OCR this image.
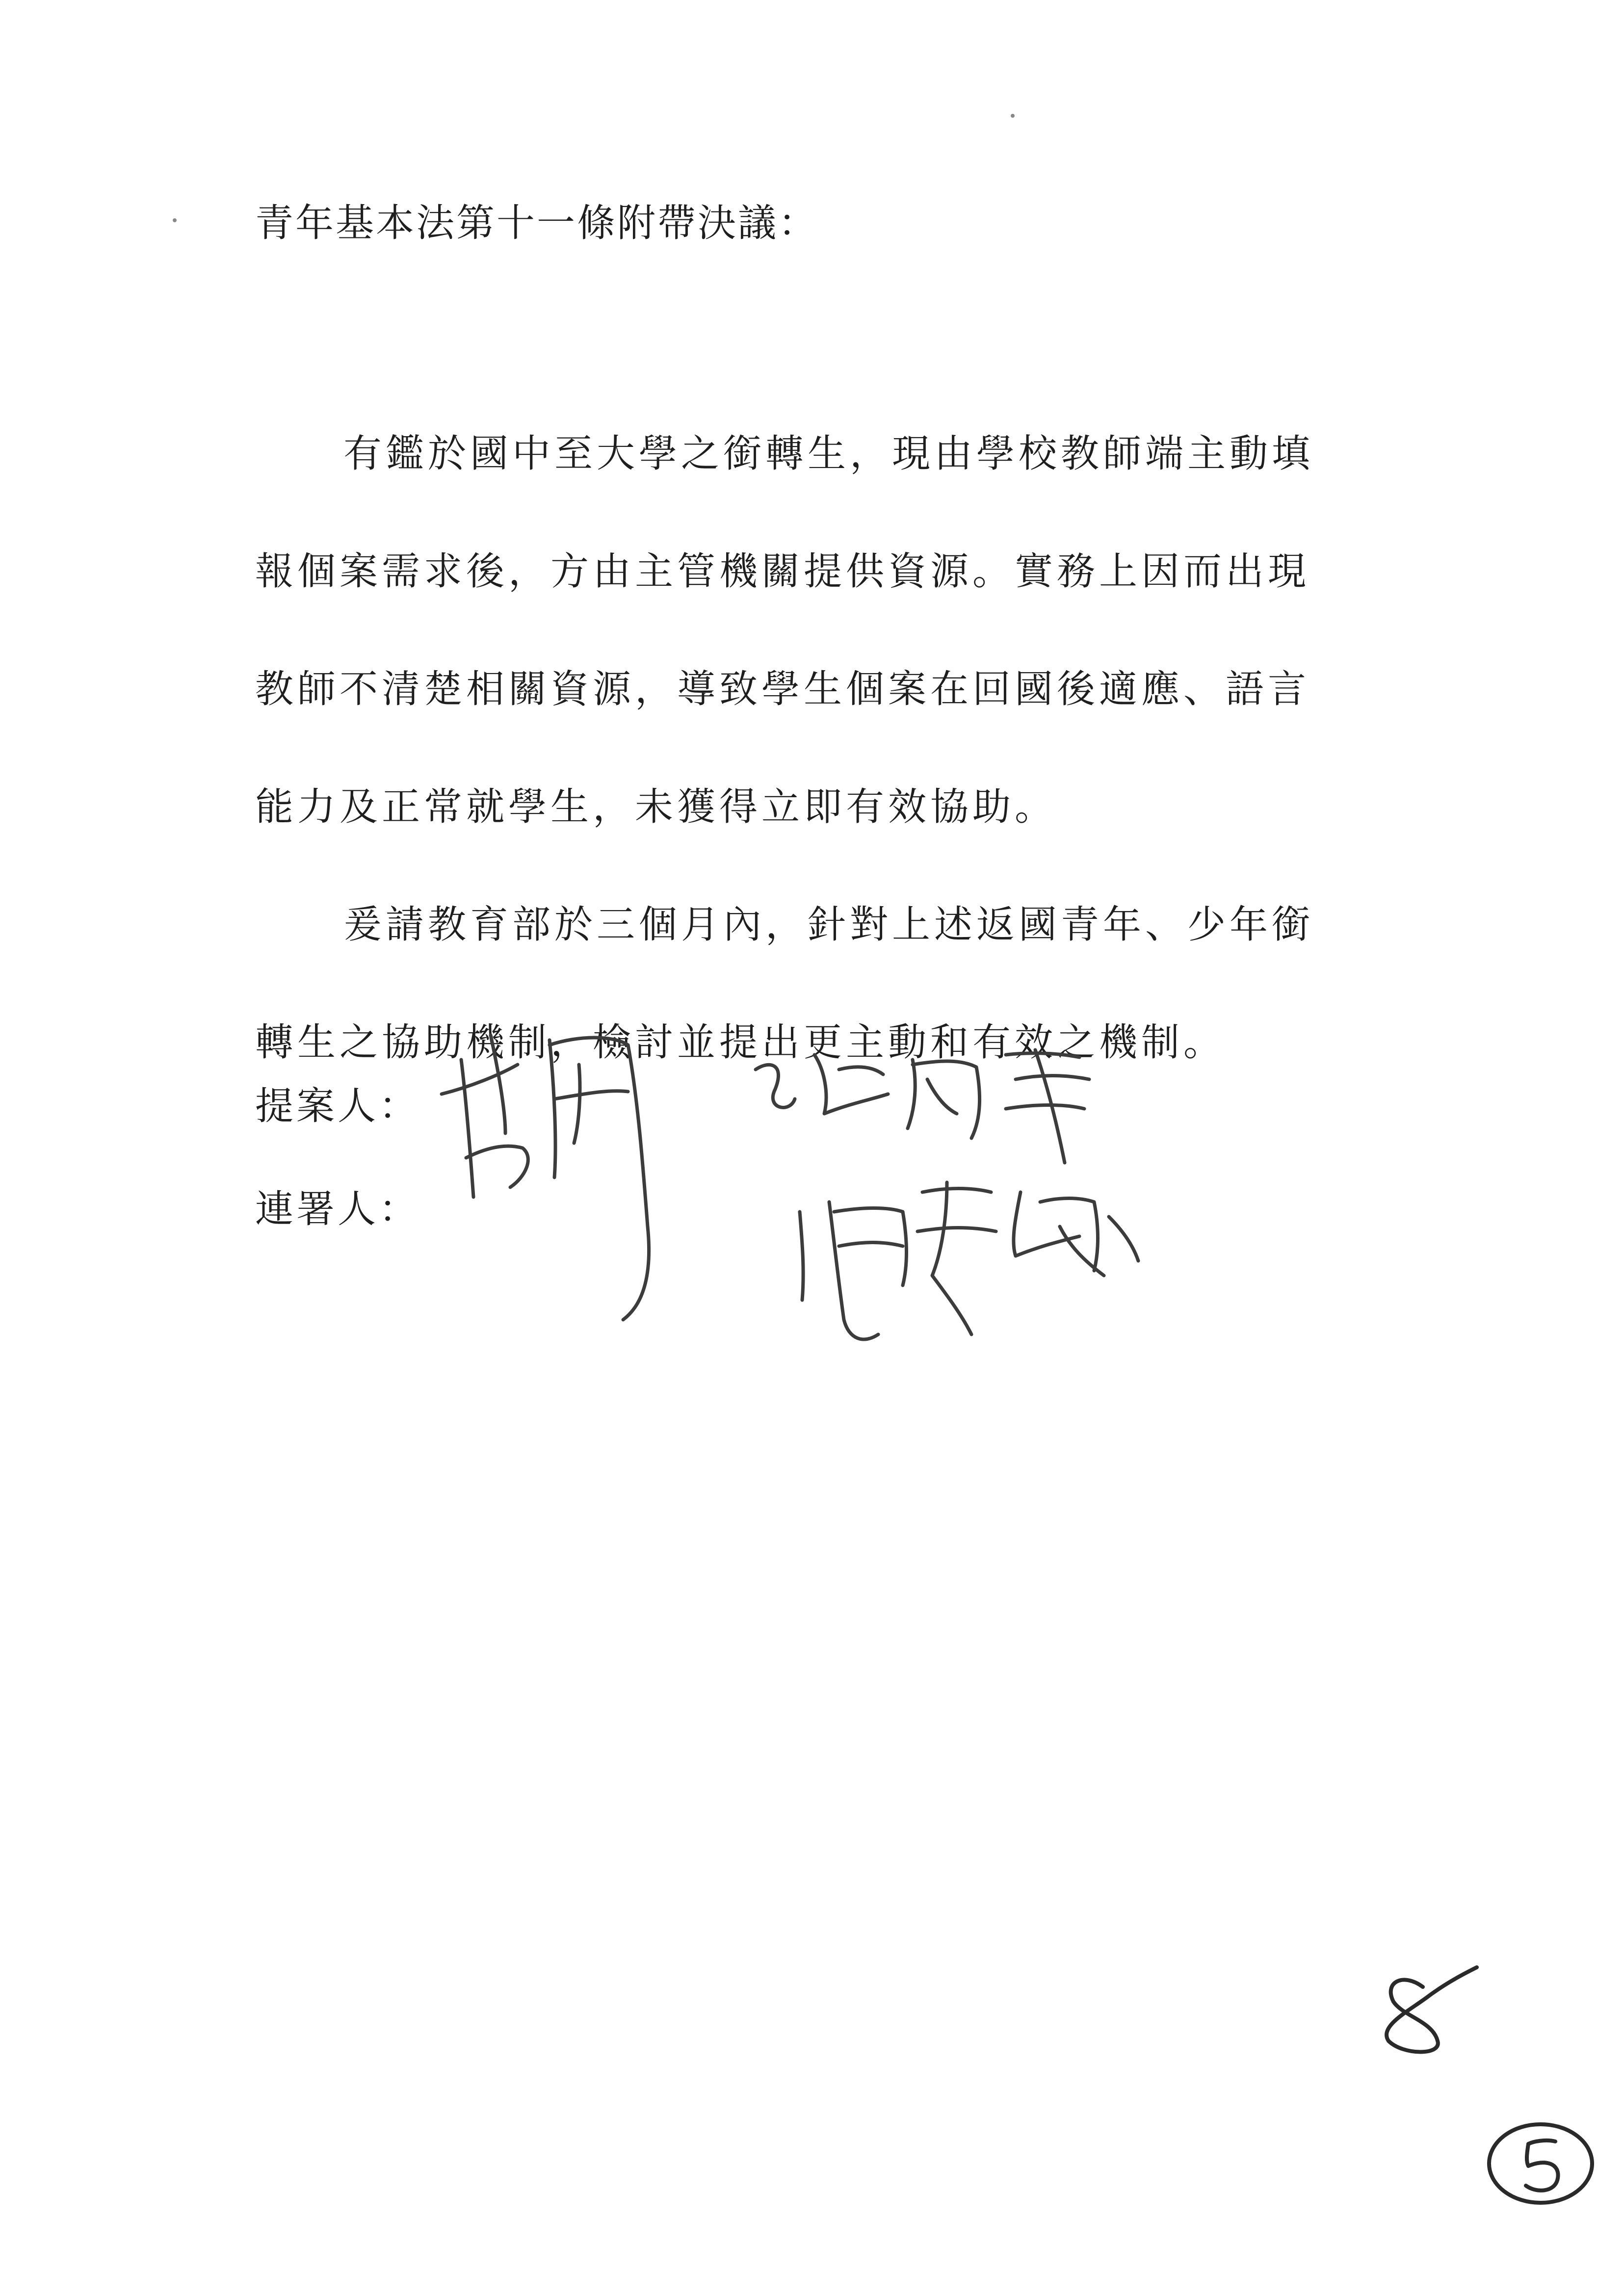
青年基本法第十一條附帶決議：

有鑑於國中至大學之銜轉生，現由學校教師端主動填報個案需求後，方由主管機關提供資源。實務上因而出現教師不清楚相關資源，導致學生個案在回國後適應、語言能力及正常就學生，未獲得立即有效協助。

爰請教育部於三個月內，針對上述返國青年、少年銜轉生之協助機制，檢討並提出更主動和有效之機制。

提案人：
連署人：
